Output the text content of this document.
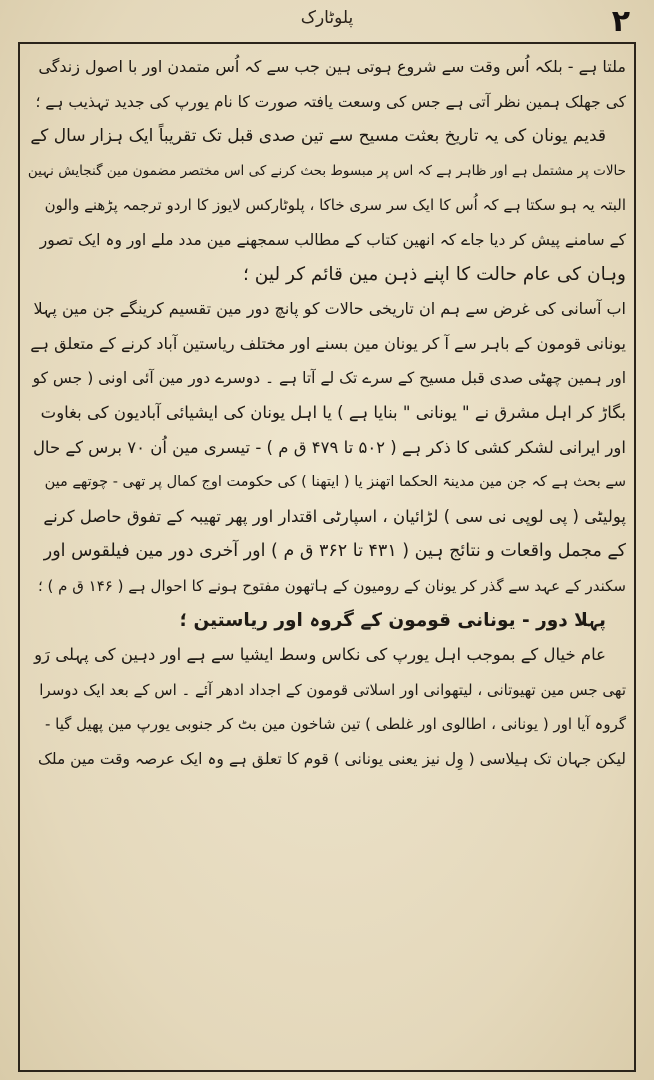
۲
پلوٹارک
ملتا ہے - بلکہ اُس وقت سے شروع ہوتی ہین جب سے کہ اُس متمدن اور با اصول زندگی
کی جھلک ہمین نظر آتی ہے جس کی وسعت یافتہ صورت کا نام یورپ کی جدید تہذیب ہے ؛
قدیم یونان کی یہ تاریخ بعثت مسیح سے تین صدی قبل تک تقریباً ایک ہزار سال کے
حالات پر مشتمل ہے اور ظاہر ہے کہ اس پر مبسوط بحث کرنے کی اس مختصر مضمون مین گنجایش نہین
البتہ یہ ہو سکتا ہے کہ اُس کا ایک سر سری خاکا ، پلوٹارکس لایوز کا اردو ترجمہ پڑھنے والون
کے سامنے پیش کر دیا جاے کہ انھین کتاب کے مطالب سمجھنے مین مدد ملے اور وہ ایک تصور
وہان کی عام حالت کا اپنے ذہن مین قائم کر لین ؛
اب آسانی کی غرض سے ہم ان تاریخی حالات کو پانچ دور مین تقسیم کرینگے جن مین پہلا
یونانی قومون کے باہر سے آ کر یونان مین بسنے اور مختلف ریاستین آباد کرنے کے متعلق ہے
اور ہمین چھٹی صدی قبل مسیح کے سرے تک لے آتا ہے ۔ دوسرے دور مین آئی اونی ( جس کو
بگاڑ کر اہل مشرق نے " یونانی " بنایا ہے ) یا اہل یونان کی ایشیائی آبادیون کی بغاوت
اور ایرانی لشکر کشی کا ذکر ہے ( ۵۰۲ تا ۴۷۹ ق م ) - تیسری مین اُن ۷۰ برس کے حال
سے بحث ہے کہ جن مین مدینۃ الحکما اتھنز یا ( ایتھنا ) کی حکومت اوج کمال پر تھی - چوتھے مین
پولیٹی ( پی لوپی نی سی ) لڑائیان ، اسپارٹی اقتدار اور پھر تھیبہ کے تفوق حاصل کرنے
کے مجمل واقعات و نتائج ہین ( ۴۳۱ تا ۳۶۲ ق م ) اور آخری دور مین فیلقوس اور
سکندر کے عہد سے گذر کر یونان کے رومیون کے ہاتھون مفتوح ہونے کا احوال ہے ( ۱۴۶ ق م ) ؛
پہلا دور - یونانی قومون کے گروہ اور ریاستین ؛
عام خیال کے بموجب اہل یورپ کی نکاس وسط ایشیا سے ہے اور دہین کی پہلی رَو
تھی جس مین تھیوتانی ، لیتھوانی اور اسلاتی قومون کے اجداد ادھر آئے ۔ اس کے بعد ایک دوسرا
گروہ آیا اور ( یونانی ، اطالوی اور غلطی ) تین شاخون مین بٹ کر جنوبی یورپ مین پھیل گیا -
لیکن جہان تک ہیلاسی ( وِل نیز یعنی یونانی ) قوم کا تعلق ہے وہ ایک عرصہ وقت مین ملک
